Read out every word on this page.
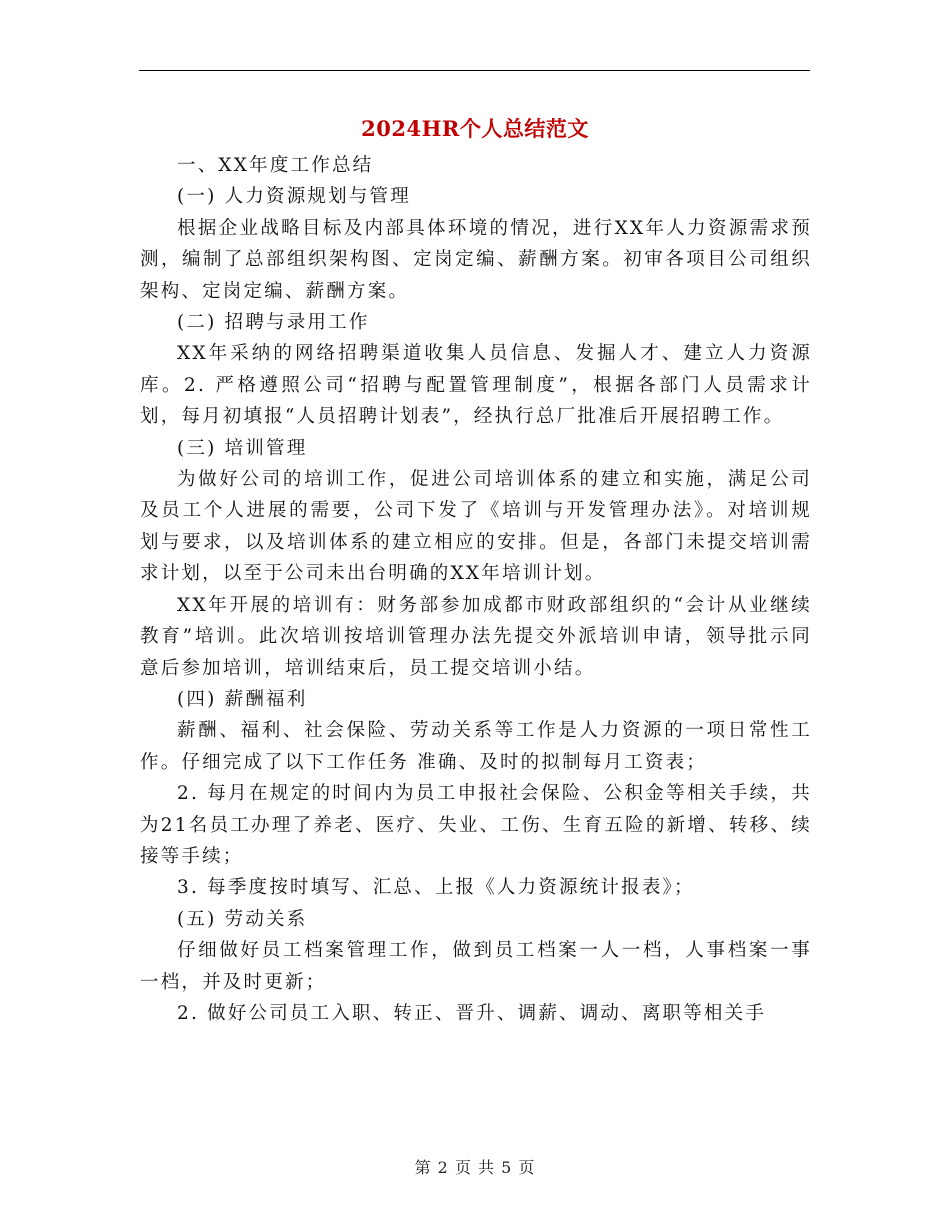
2024HR个人总结范文

一、XX年度工作总结

(一) 人力资源规划与管理

根据企业战略目标及内部具体环境的情况，进行XX年人力资源需求预测，编制了总部组织架构图、定岗定编、薪酬方案。初审各项目公司组织架构、定岗定编、薪酬方案。

(二) 招聘与录用工作

XX年采纳的网络招聘渠道收集人员信息、发掘人才、建立人力资源库。2. 严格遵照公司“招聘与配置管理制度”，根据各部门人员需求计划，每月初填报“人员招聘计划表”，经执行总厂批准后开展招聘工作。

(三) 培训管理

为做好公司的培训工作，促进公司培训体系的建立和实施，满足公司及员工个人进展的需要，公司下发了《培训与开发管理办法》。对培训规划与要求，以及培训体系的建立相应的安排。但是，各部门未提交培训需求计划，以至于公司未出台明确的XX年培训计划。

XX年开展的培训有：财务部参加成都市财政部组织的“会计从业继续教育”培训。此次培训按培训管理办法先提交外派培训申请，领导批示同意后参加培训，培训结束后，员工提交培训小结。

(四) 薪酬福利

薪酬、福利、社会保险、劳动关系等工作是人力资源的一项日常性工作。仔细完成了以下工作任务 准确、及时的拟制每月工资表；

2. 每月在规定的时间内为员工申报社会保险、公积金等相关手续，共为21名员工办理了养老、医疗、失业、工伤、生育五险的新增、转移、续接等手续；

3. 每季度按时填写、汇总、上报《人力资源统计报表》；

(五) 劳动关系

仔细做好员工档案管理工作，做到员工档案一人一档，人事档案一事一档，并及时更新；

2. 做好公司员工入职、转正、晋升、调薪、调动、离职等相关手

第 2 页 共 5 页
